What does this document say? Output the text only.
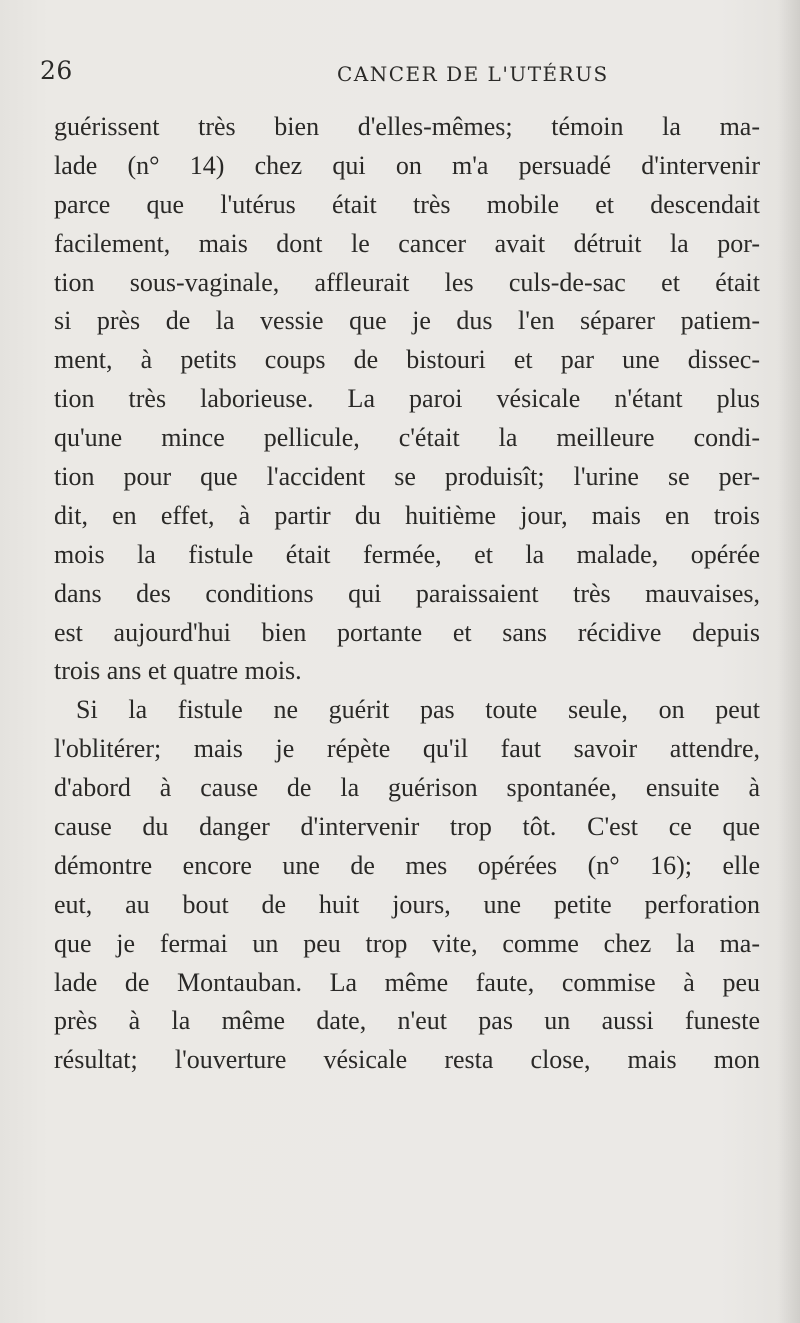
26	CANCER DE L'UTÉRUS
guérissent très bien d'elles-mêmes; témoin la ma-
lade (n° 14) chez qui on m'a persuadé d'intervenir
parce que l'utérus était très mobile et descendait
facilement, mais dont le cancer avait détruit la por-
tion sous-vaginale, affleurait les culs-de-sac et était
si près de la vessie que je dus l'en séparer patiem-
ment, à petits coups de bistouri et par une dissec-
tion très laborieuse. La paroi vésicale n'étant plus
qu'une mince pellicule, c'était la meilleure condi-
tion pour que l'accident se produisît; l'urine se per-
dit, en effet, à partir du huitième jour, mais en trois
mois la fistule était fermée, et la malade, opérée
dans des conditions qui paraissaient très mauvaises,
est aujourd'hui bien portante et sans récidive depuis
trois ans et quatre mois.
Si la fistule ne guérit pas toute seule, on peut
l'oblitérer; mais je répète qu'il faut savoir attendre,
d'abord à cause de la guérison spontanée, ensuite à
cause du danger d'intervenir trop tôt. C'est ce que
démontre encore une de mes opérées (n° 16); elle
eut, au bout de huit jours, une petite perforation
que je fermai un peu trop vite, comme chez la ma-
lade de Montauban. La même faute, commise à peu
près à la même date, n'eut pas un aussi funeste
résultat; l'ouverture vésicale resta close, mais mon
